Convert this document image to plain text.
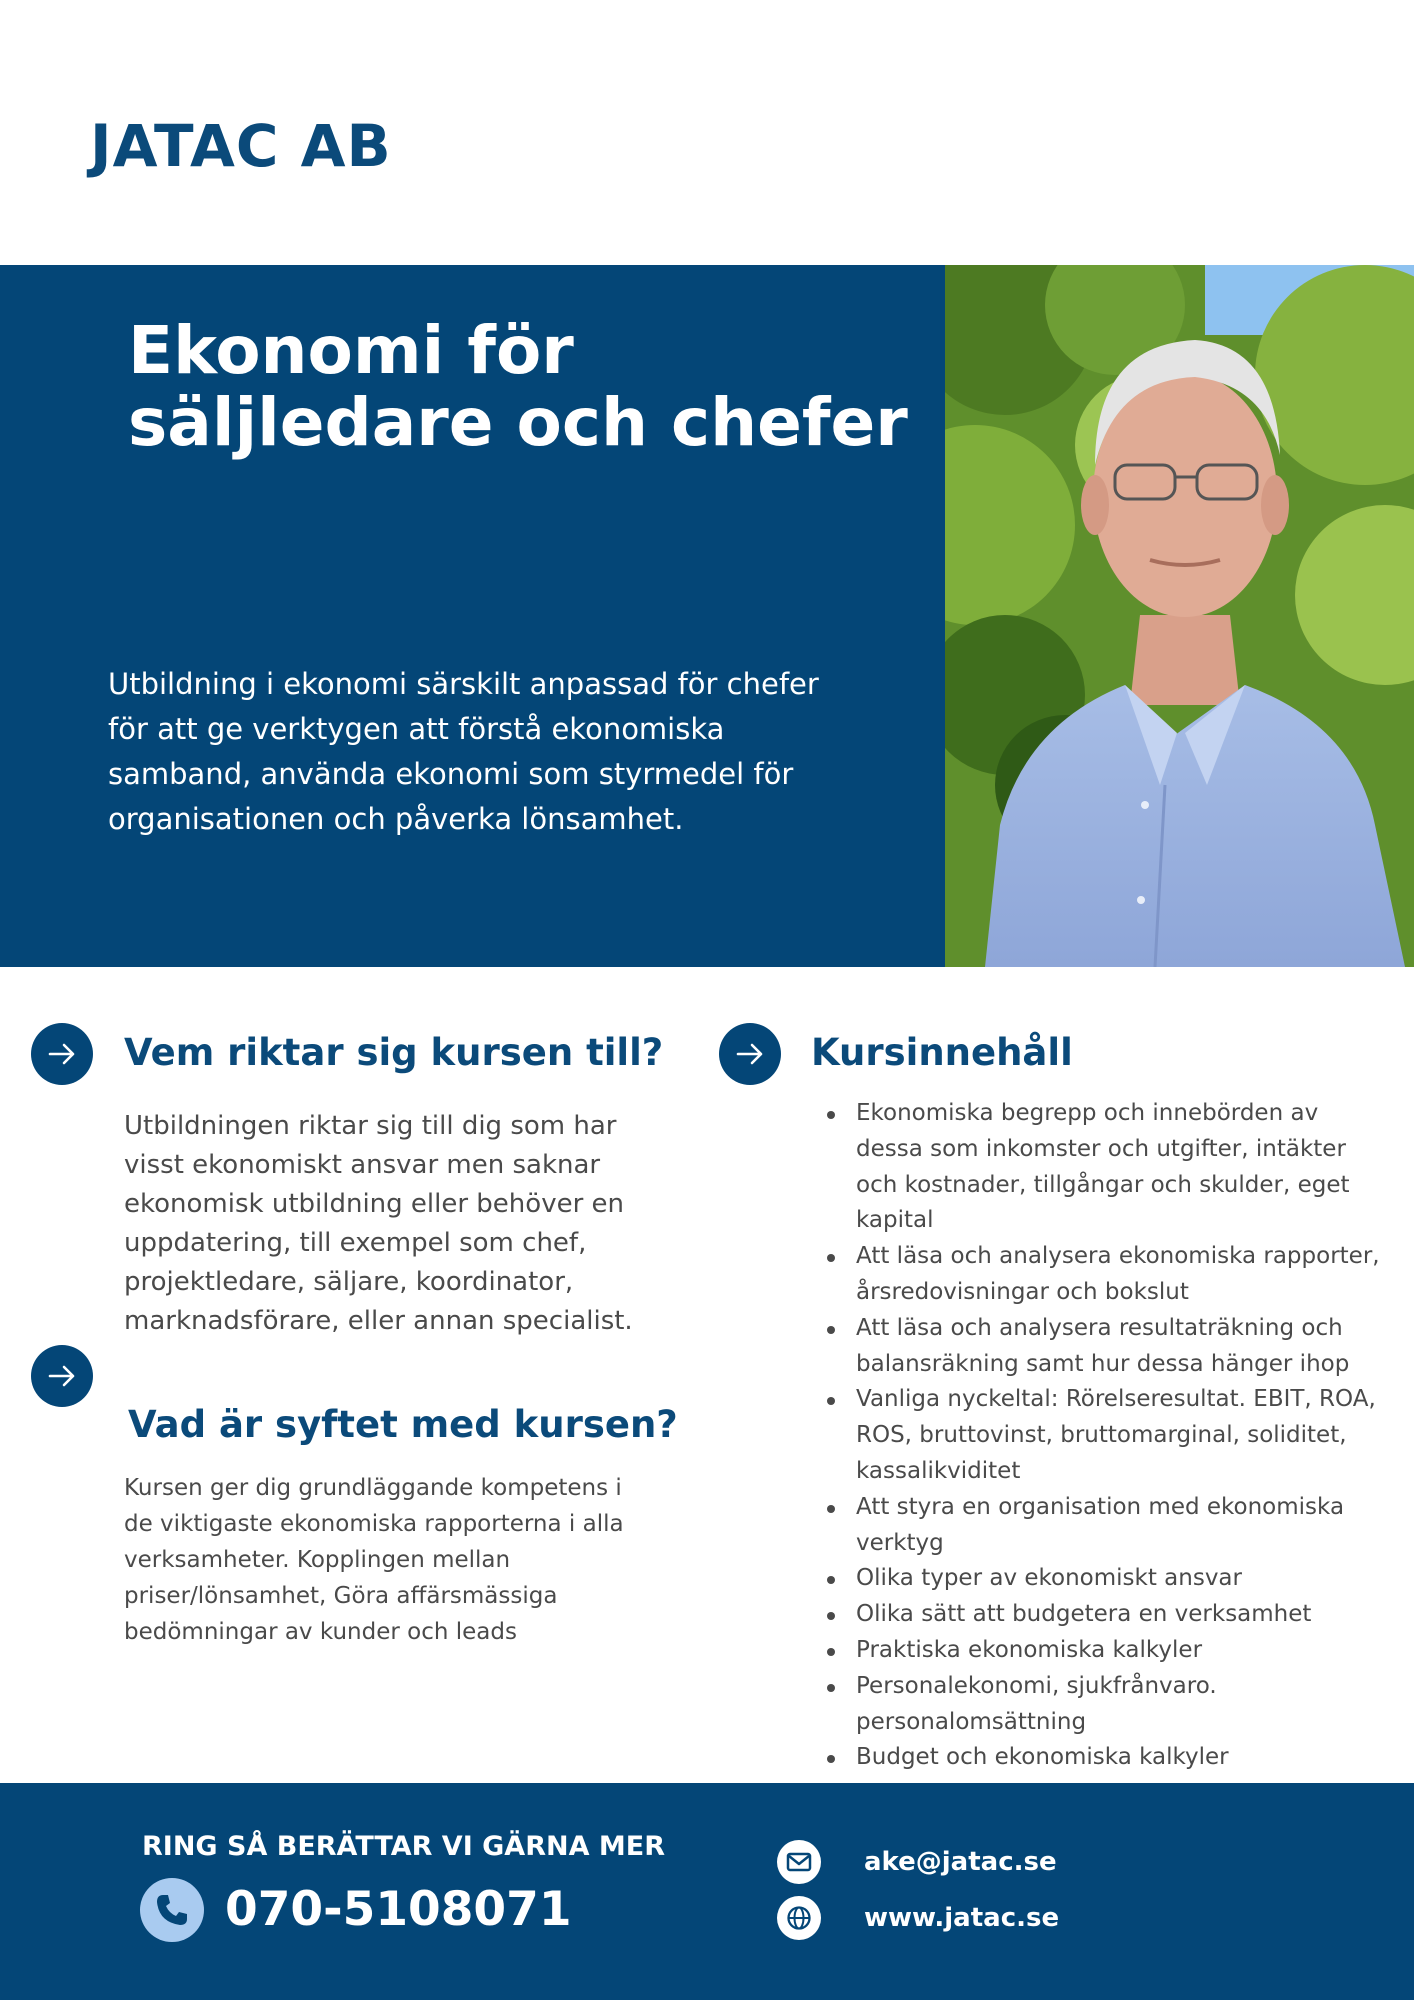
JATAC AB
Ekonomi för
säljledare och chefer

Utbildning i ekonomi särskilt anpassad för chefer för att ge verktygen att förstå ekonomiska samband, använda ekonomi som styrmedel för organisationen och påverka lönsamhet.

Vem riktar sig kursen till?

Utbildningen riktar sig till dig som har visst ekonomiskt ansvar men saknar ekonomisk utbildning eller behöver en uppdatering, till exempel som chef, projektledare, säljare, koordinator, marknadsförare, eller annan specialist.

Vad är syftet med kursen?

Kursen ger dig grundläggande kompetens i de viktigaste ekonomiska rapporterna i alla verksamheter. Kopplingen mellan priser/lönsamhet, Göra affärsmässiga bedömningar av kunder och leads

Kursinnehåll
Ekonomiska begrepp och innebörden av dessa som inkomster och utgifter, intäkter och kostnader, tillgångar och skulder, eget kapital
Att läsa och analysera ekonomiska rapporter, årsredovisningar och bokslut
Att läsa och analysera resultaträkning och balansräkning samt hur dessa hänger ihop
Vanliga nyckeltal: Rörelseresultat. EBIT, ROA, ROS, bruttovinst, bruttomarginal, soliditet, kassalikviditet
Att styra en organisation med ekonomiska verktyg
Olika typer av ekonomiskt ansvar
Olika sätt att budgetera en verksamhet
Praktiska ekonomiska kalkyler
Personalekonomi, sjukfrånvaro. personalomsättning
Budget och ekonomiska kalkyler
RING SÅ BERÄTTAR VI GÄRNA MER
070-5108071
ake@jatac.se
www.jatac.se
